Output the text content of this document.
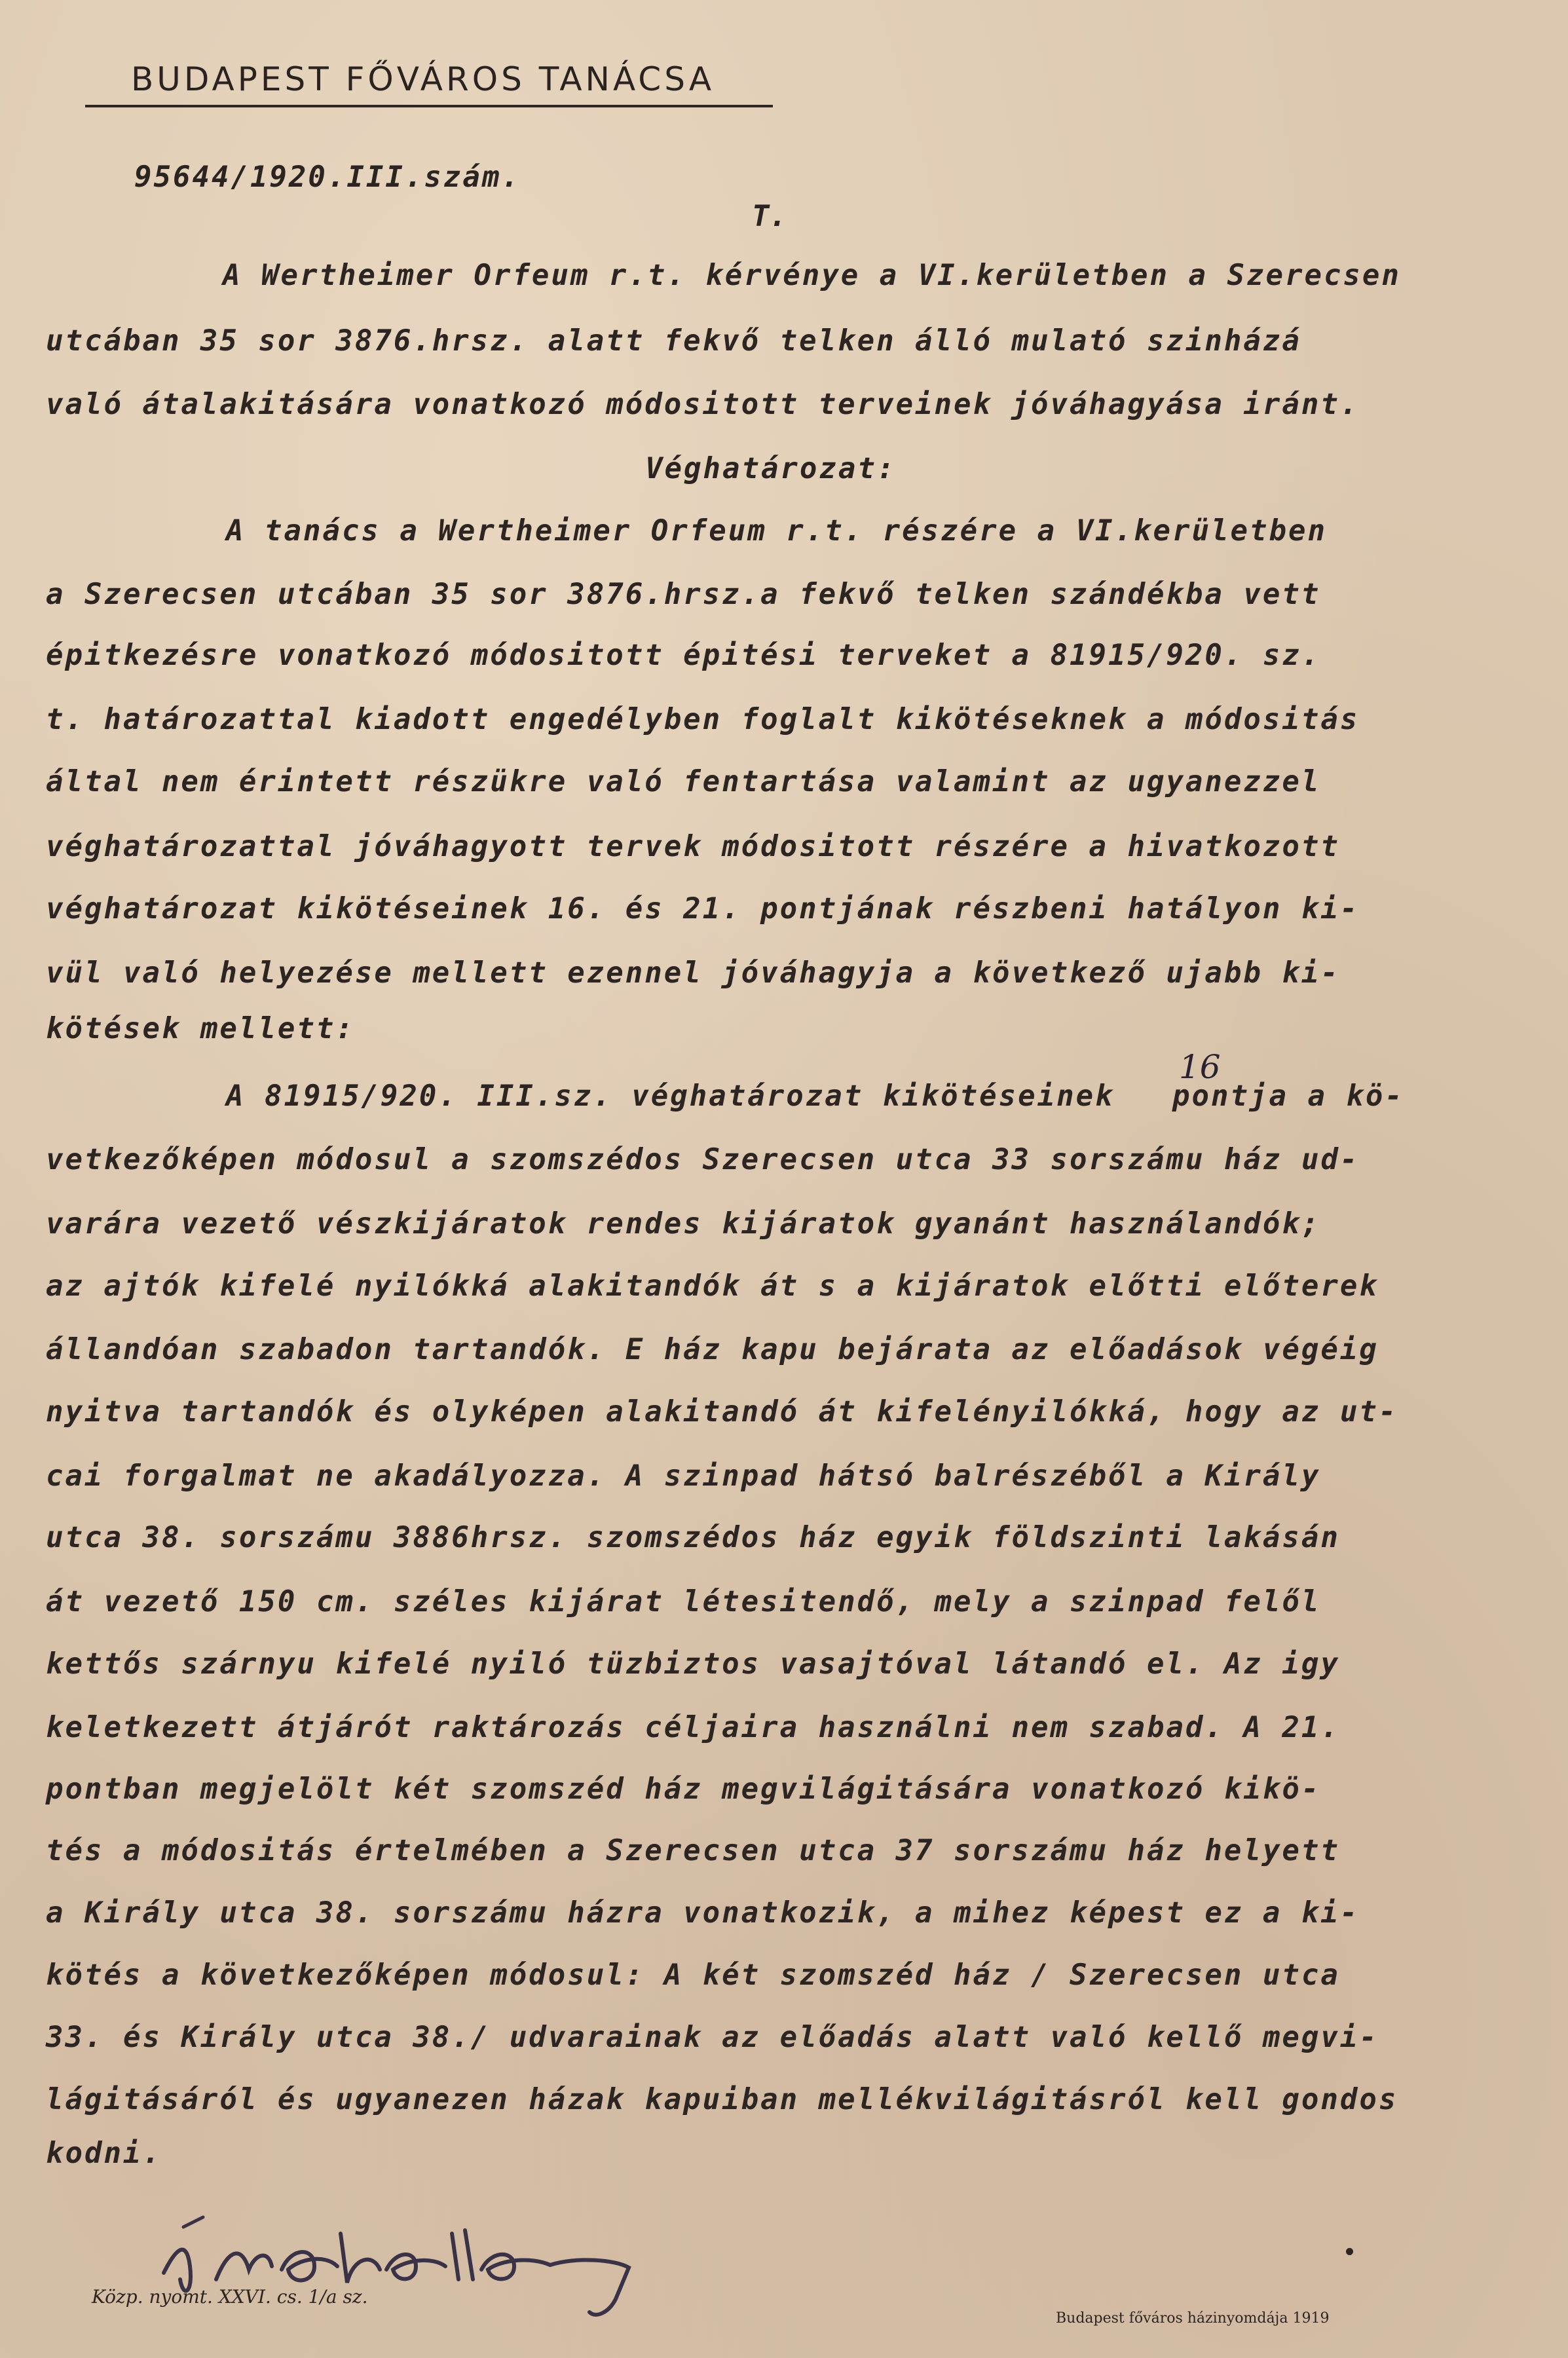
BUDAPEST FŐVÁROS TANÁCSA
95644/1920.III.szám.
T.
A Wertheimer Orfeum r.t. kérvénye a VI.kerületben a Szerecsen
utcában 35 sor 3876.hrsz. alatt fekvő telken álló mulató szinházá
való átalakitására vonatkozó módositott terveinek jóváhagyása iránt.
Véghatározat:
A tanács a Wertheimer Orfeum r.t. részére a VI.kerületben
a Szerecsen utcában 35 sor 3876.hrsz.a fekvő telken szándékba vett
épitkezésre vonatkozó módositott épitési terveket a 81915/920. sz.
t. határozattal kiadott engedélyben foglalt kikötéseknek a módositás
által nem érintett részükre való fentartása valamint az ugyanezzel
véghatározattal jóváhagyott tervek módositott részére a hivatkozott
véghatározat kikötéseinek 16. és 21. pontjának részbeni hatályon ki-
vül való helyezése mellett ezennel jóváhagyja a következő ujabb ki-
kötések mellett:
A 81915/920. III.sz. véghatározat kikötéseinek   pontja a kö-
16
vetkezőképen módosul a szomszédos Szerecsen utca 33 sorszámu ház ud-
varára vezető vészkijáratok rendes kijáratok gyanánt használandók;
az ajtók kifelé nyilókká alakitandók át s a kijáratok előtti előterek
állandóan szabadon tartandók. E ház kapu bejárata az előadások végéig
nyitva tartandók és olyképen alakitandó át kifelényilókká, hogy az ut-
cai forgalmat ne akadályozza. A szinpad hátsó balrészéből a Király
utca 38. sorszámu 3886hrsz. szomszédos ház egyik földszinti lakásán
át vezető 150 cm. széles kijárat létesitendő, mely a szinpad felől
kettős szárnyu kifelé nyiló tüzbiztos vasajtóval látandó el. Az igy
keletkezett átjárót raktározás céljaira használni nem szabad. A 21.
pontban megjelölt két szomszéd ház megvilágitására vonatkozó kikö-
tés a módositás értelmében a Szerecsen utca 37 sorszámu ház helyett
a Király utca 38. sorszámu házra vonatkozik, a mihez képest ez a ki-
kötés a következőképen módosul: A két szomszéd ház / Szerecsen utca
33. és Király utca 38./ udvarainak az előadás alatt való kellő megvi-
lágitásáról és ugyanezen házak kapuiban mellékvilágitásról kell gondos
kodni.
Közp. nyomt. XXVI. cs. 1/a sz.
Budapest főváros házinyomdája 1919
